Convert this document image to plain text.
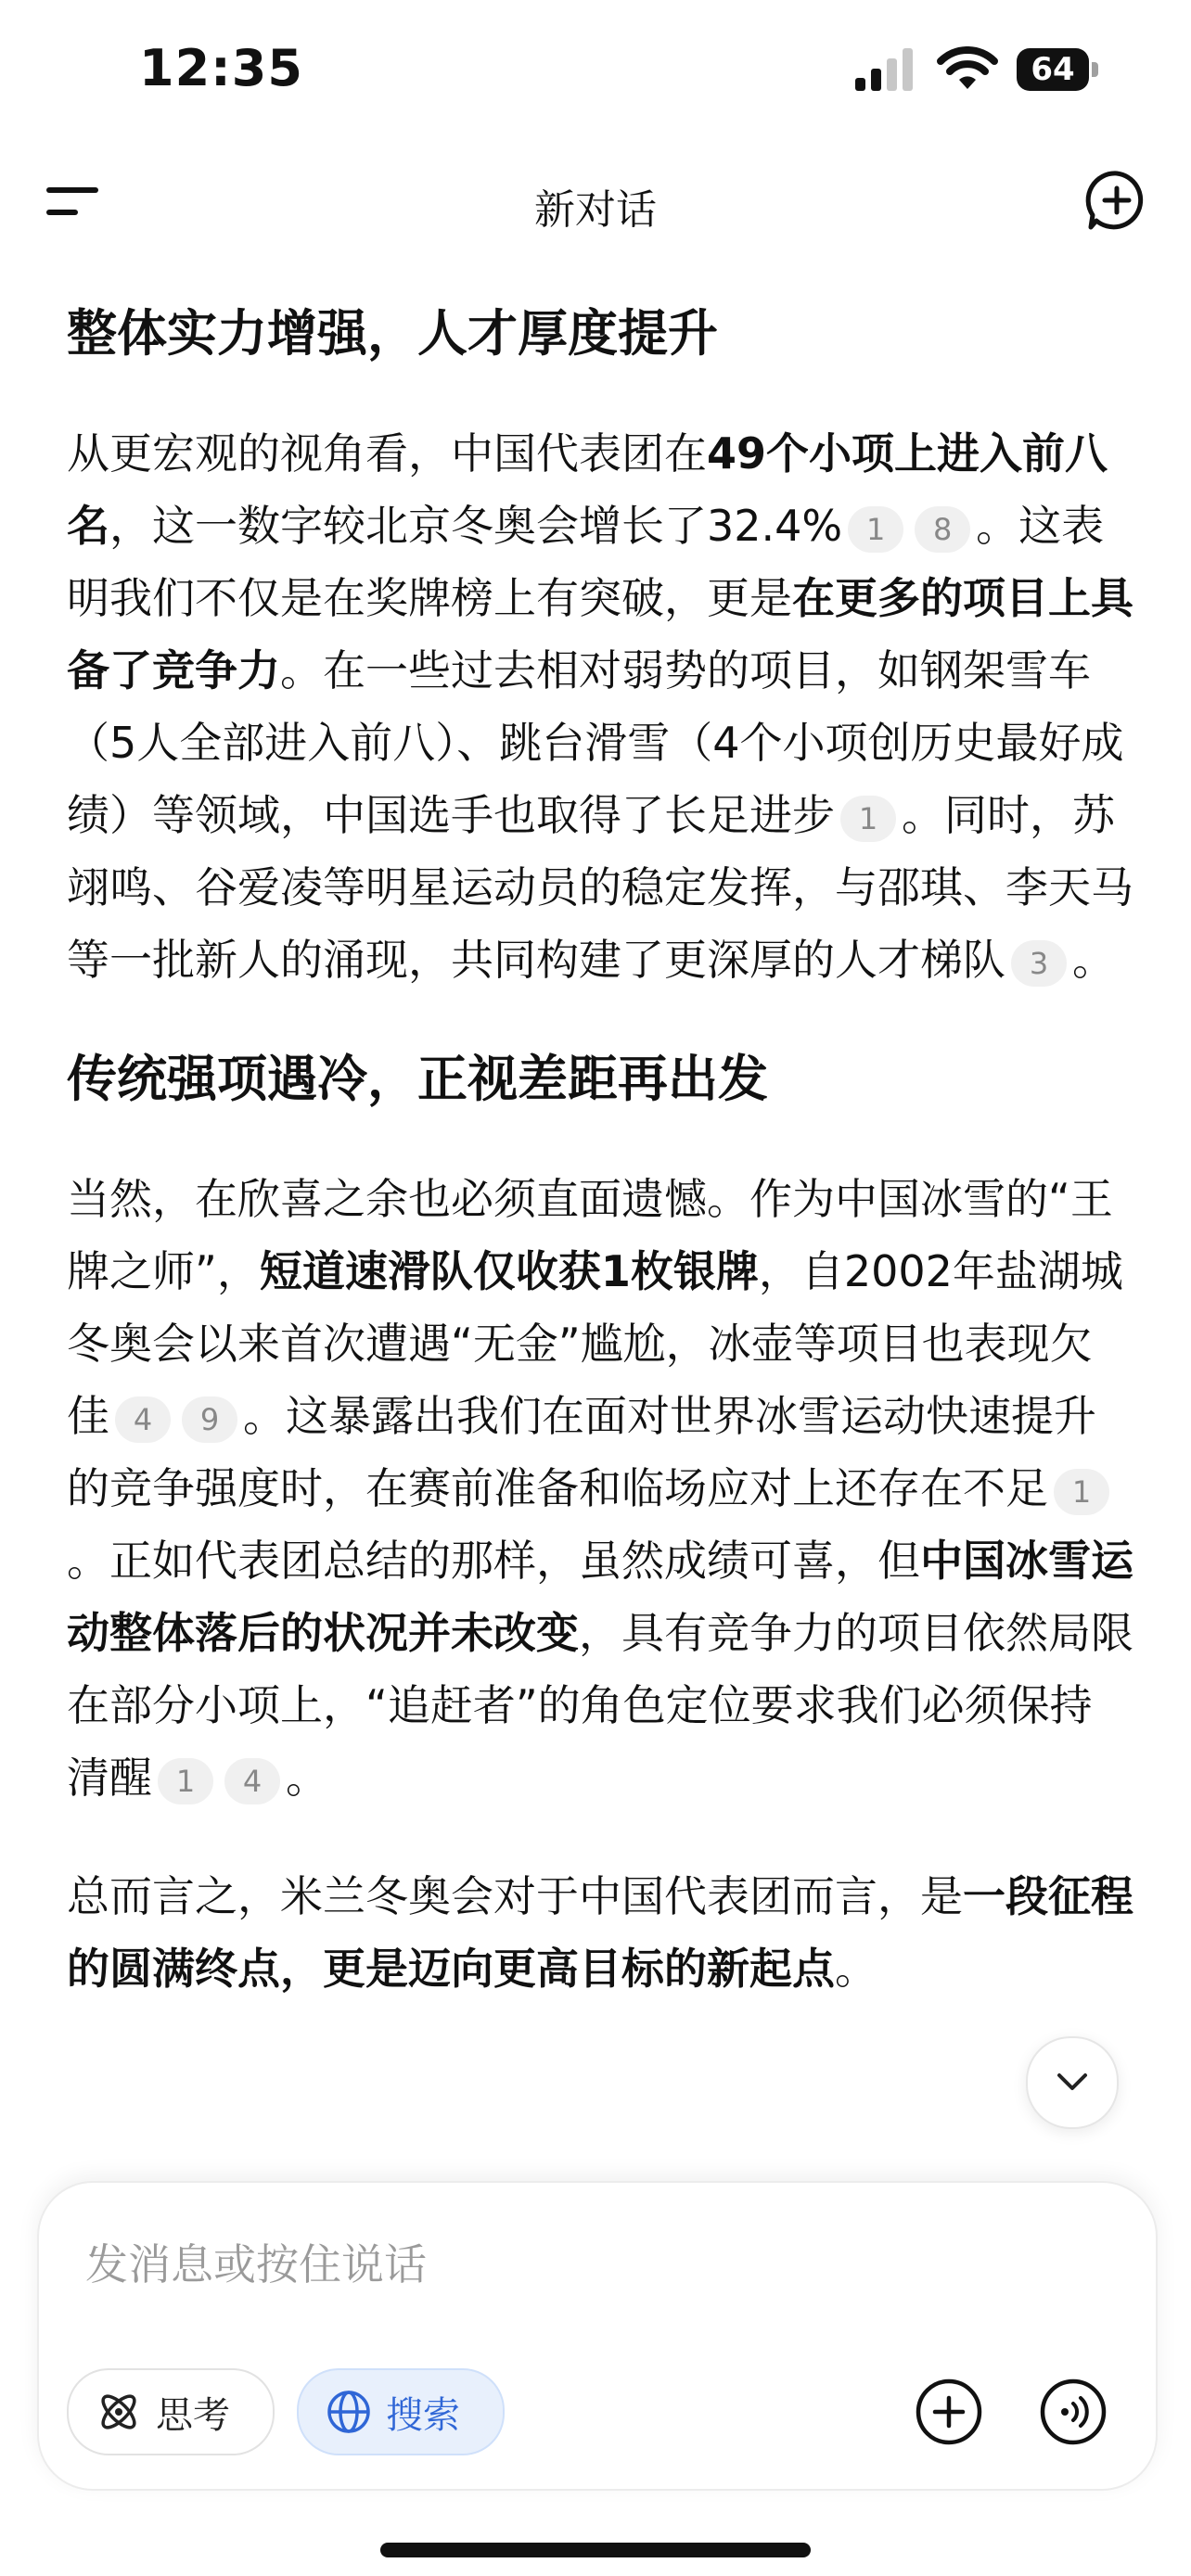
12:35	64
新对话
整体实力增强，人才厚度提升

从更宏观的视角看，中国代表团在49个小项上进入前八名，这一数字较北京冬奥会增长了32.4% 1 8 。这表明我们不仅是在奖牌榜上有突破，更是在更多的项目上具备了竞争力。在一些过去相对弱势的项目，如钢架雪车（5人全部进入前八）、跳台滑雪（4个小项创历史最好成绩）等领域，中国选手也取得了长足进步 1 。同时，苏翊鸣、谷爱凌等明星运动员的稳定发挥，与邵琪、李天马等一批新人的涌现，共同构建了更深厚的人才梯队 3 。

传统强项遇冷，正视差距再出发

当然，在欣喜之余也必须直面遗憾。作为中国冰雪的“王牌之师”，短道速滑队仅收获1枚银牌，自2002年盐湖城冬奥会以来首次遭遇“无金”尴尬，冰壶等项目也表现欠佳 4 9 。这暴露出我们在面对世界冰雪运动快速提升的竞争强度时，在赛前准备和临场应对上还存在不足 1。正如代表团总结的那样，虽然成绩可喜，但中国冰雪运动整体落后的状况并未改变，具有竞争力的项目依然局限在部分小项上，“追赶者”的角色定位要求我们必须保持清醒 1 4 。

总而言之，米兰冬奥会对于中国代表团而言，是一段征程的圆满终点，更是迈向更高目标的新起点。

发消息或按住说话
思考	搜索
